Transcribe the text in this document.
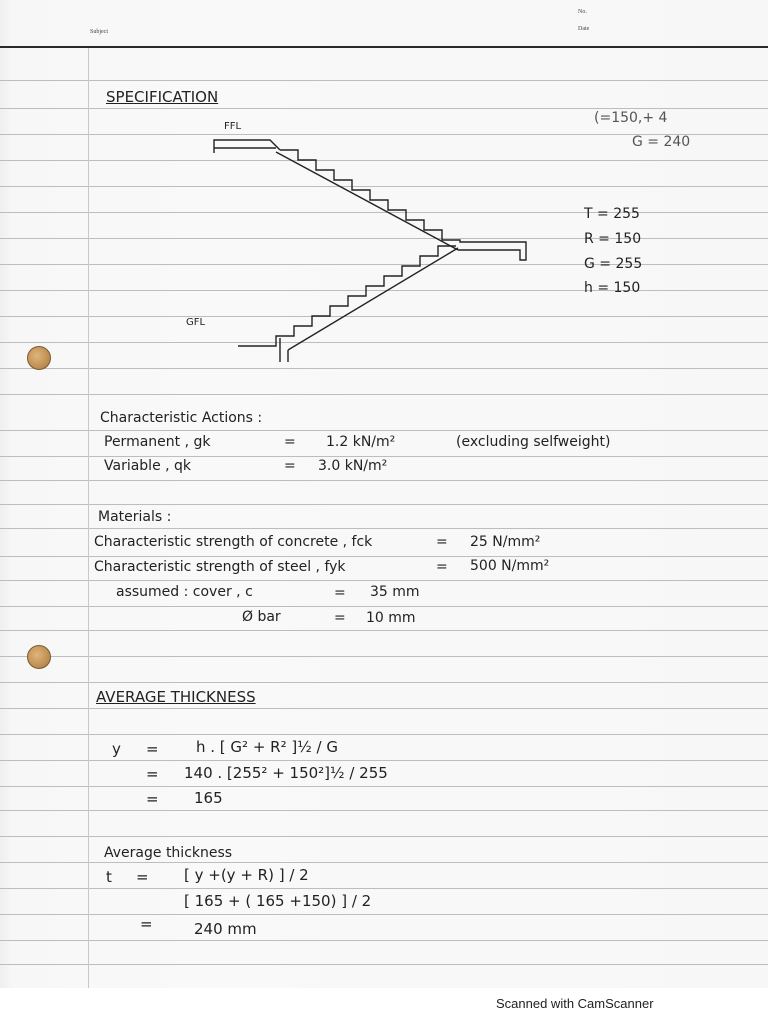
Subject
No.
Date
SPECIFICATION
FFL
GFL
(=150,+ 4
G = 240
T = 255
R = 150
G = 255
h = 150
Characteristic Actions :
Permanent , gk	= 1.2 kN/m²	(excluding selfweight)
Variable , qk	= 3.0 kN/m²
Materials :
Characteristic strength of concrete , fck	= 25 N/mm²
Characteristic strength of steel , fyk	= 500 N/mm²
assumed : cover , c	= 35 mm
Ø bar	= 10 mm
AVERAGE THICKNESS
y = h . [ G² + R² ]½ / G
= 140 . [255² + 150²]½ / 255
= 165
Average thickness
t = [ y +(y + R) ] / 2
[ 165 + ( 165 +150) ] / 2
=	240 mm
Scanned with CamScanner
